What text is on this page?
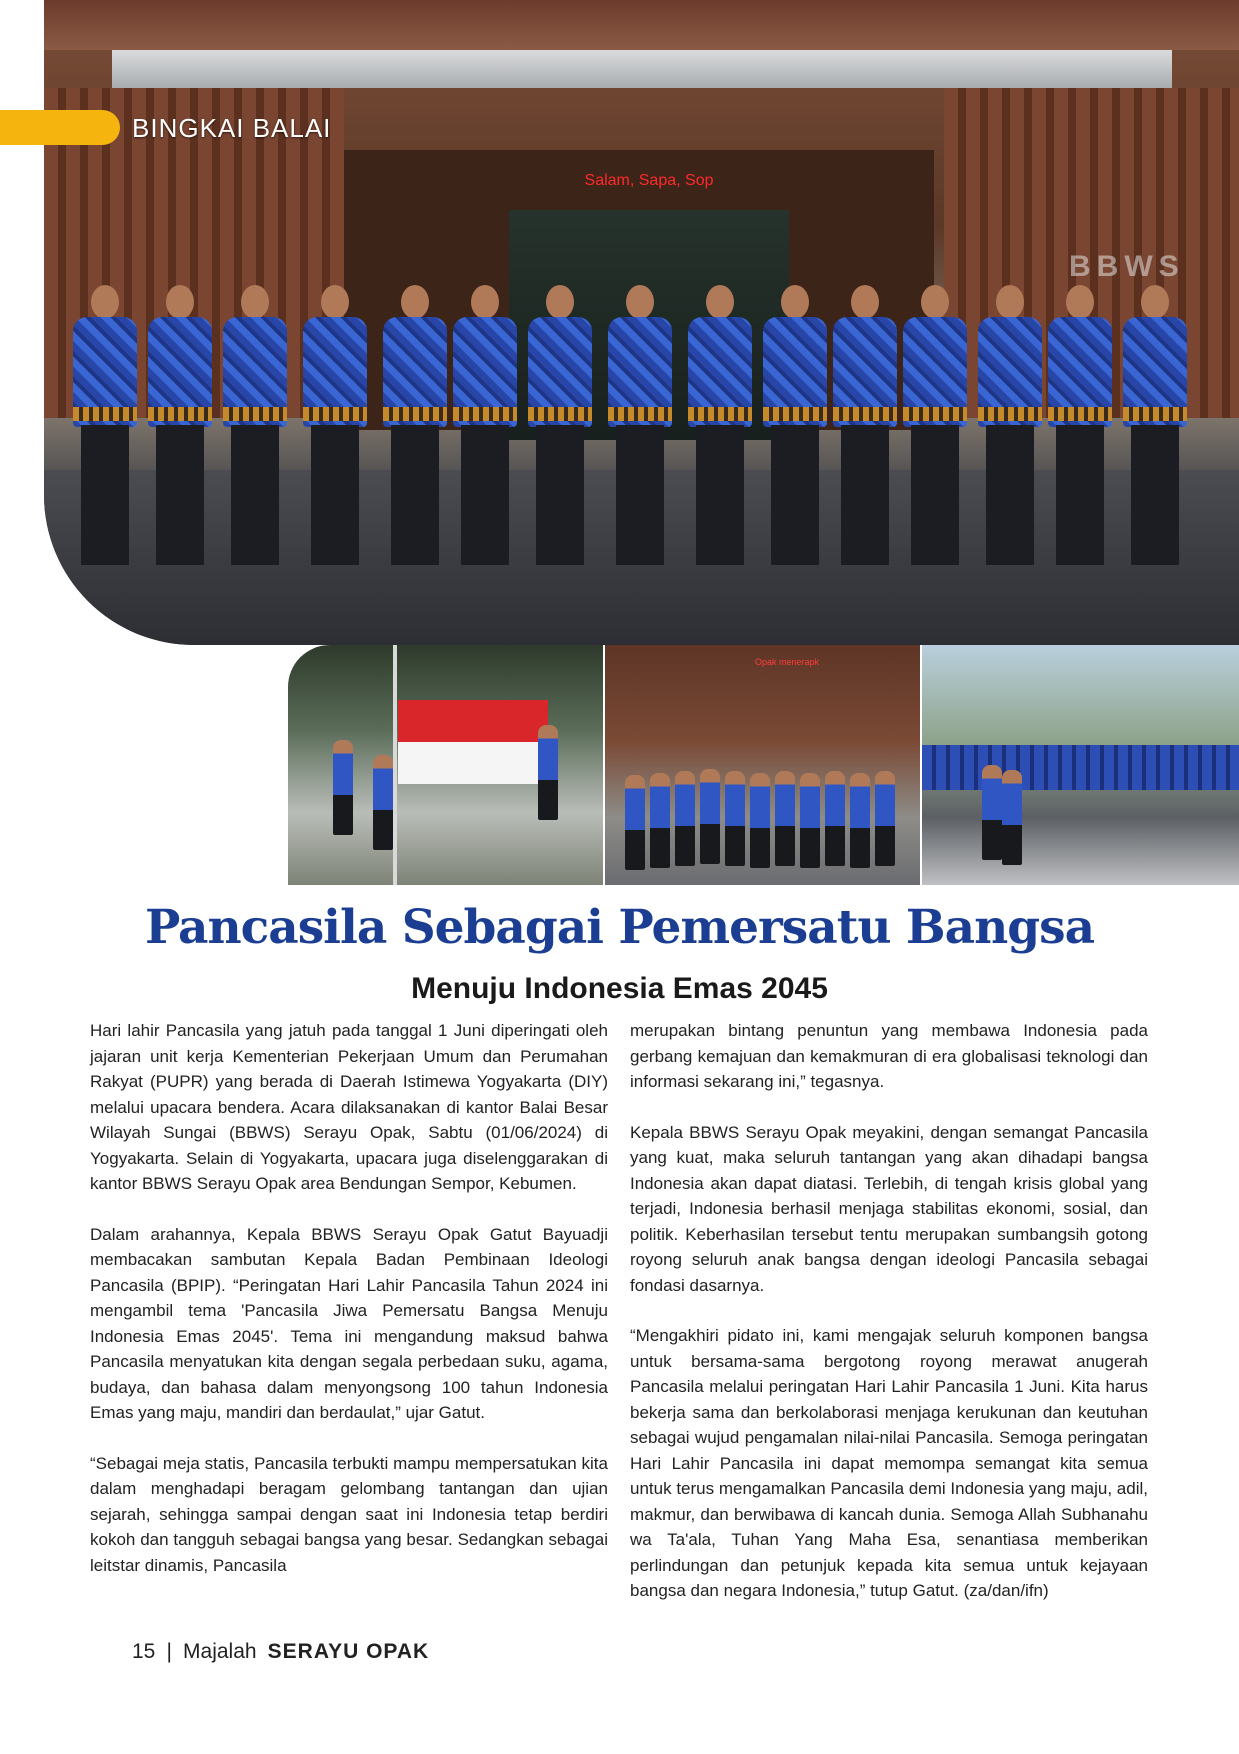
Salam, Sapa, Sop
BBWS
BINGKAI BALAI
Opak menerapk
Pancasila Sebagai Pemersatu Bangsa
Menuju Indonesia Emas 2045

Hari lahir Pancasila yang jatuh pada tanggal 1 Juni diperingati oleh jajaran unit kerja Kementerian Pekerjaan Umum dan Perumahan Rakyat (PUPR) yang berada di Daerah Istimewa Yogyakarta (DIY) melalui upacara bendera. Acara dilaksanakan di kantor Balai Besar Wilayah Sungai (BBWS) Serayu Opak, Sabtu (01/06/2024) di Yogyakarta. Selain di Yogyakarta, upacara juga diselenggarakan di kantor BBWS Serayu Opak area Bendungan Sempor, Kebumen.

Dalam arahannya, Kepala BBWS Serayu Opak Gatut Bayuadji membacakan sambutan Kepala Badan Pembinaan Ideologi Pancasila (BPIP). “Peringatan Hari Lahir Pancasila Tahun 2024 ini mengambil tema 'Pancasila Jiwa Pemersatu Bangsa Menuju Indonesia Emas 2045'. Tema ini mengandung maksud bahwa Pancasila menyatukan kita dengan segala perbedaan suku, agama, budaya, dan bahasa dalam menyongsong 100 tahun Indonesia Emas yang maju, mandiri dan berdaulat,” ujar Gatut.

“Sebagai meja statis, Pancasila terbukti mampu mempersatukan kita dalam menghadapi beragam gelombang tantangan dan ujian sejarah, sehingga sampai dengan saat ini Indonesia tetap berdiri kokoh dan tangguh sebagai bangsa yang besar. Sedangkan sebagai leitstar dinamis, Pancasila

merupakan bintang penuntun yang membawa Indonesia pada gerbang kemajuan dan kemakmuran di era globalisasi teknologi dan informasi sekarang ini,” tegasnya.

Kepala BBWS Serayu Opak meyakini, dengan semangat Pancasila yang kuat, maka seluruh tantangan yang akan dihadapi bangsa Indonesia akan dapat diatasi. Terlebih, di tengah krisis global yang terjadi, Indonesia berhasil menjaga stabilitas ekonomi, sosial, dan politik. Keberhasilan tersebut tentu merupakan sumbangsih gotong royong seluruh anak bangsa dengan ideologi Pancasila sebagai fondasi dasarnya.

“Mengakhiri pidato ini, kami mengajak seluruh komponen bangsa untuk bersama-sama bergotong royong merawat anugerah Pancasila melalui peringatan Hari Lahir Pancasila 1 Juni. Kita harus bekerja sama dan berkolaborasi menjaga kerukunan dan keutuhan sebagai wujud pengamalan nilai-nilai Pancasila. Semoga peringatan Hari Lahir Pancasila ini dapat memompa semangat kita semua untuk terus mengamalkan Pancasila demi Indonesia yang maju, adil, makmur, dan berwibawa di kancah dunia. Semoga Allah Subhanahu wa Ta'ala, Tuhan Yang Maha Esa, senantiasa memberikan perlindungan dan petunjuk kepada kita semua untuk kejayaan bangsa dan negara Indonesia,” tutup Gatut. (za/dan/ifn)

15 | Majalah SERAYU OPAK
